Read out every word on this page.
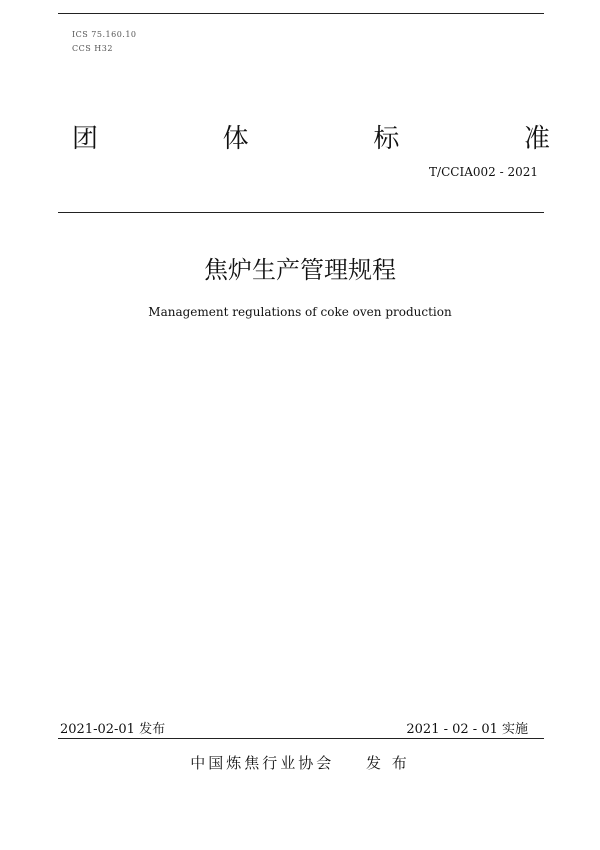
ICS 75.160.10
CCS H32
团	体	标	准
T/CCIA002 - 2021
焦炉生产管理规程
Management regulations of coke oven production
2021-02-01 发布	2021 - 02 - 01 实施
中国炼焦行业协会 发 布
